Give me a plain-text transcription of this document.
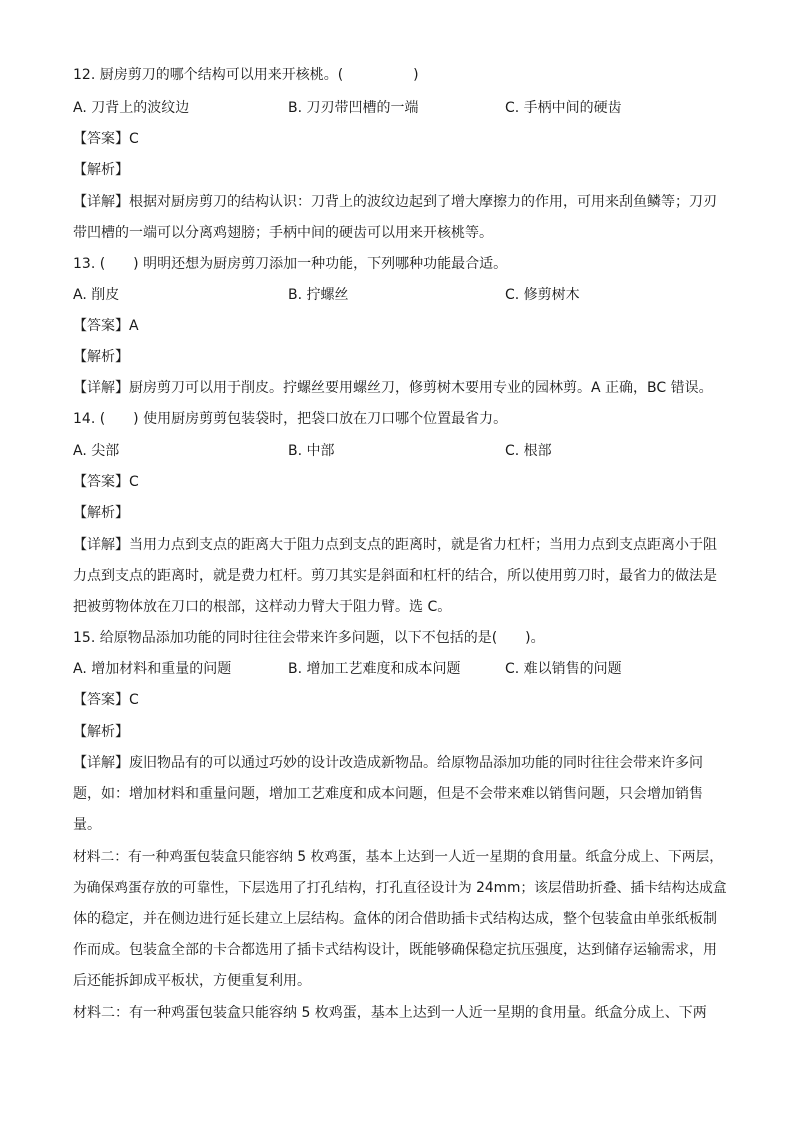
12. 厨房剪刀的哪个结构可以用来开核桃。(　　　　　)
A. 刀背上的波纹边	B. 刀刃带凹槽的一端	C. 手柄中间的硬齿
【答案】C
【解析】
【详解】根据对厨房剪刀的结构认识：刀背上的波纹边起到了增大摩擦力的作用，可用来刮鱼鳞等；刀刃
带凹槽的一端可以分离鸡翅膀；手柄中间的硬齿可以用来开核桃等。
13. (　　) 明明还想为厨房剪刀添加一种功能，下列哪种功能最合适。
A. 削皮	B. 拧螺丝	C. 修剪树木
【答案】A
【解析】
【详解】厨房剪刀可以用于削皮。拧螺丝要用螺丝刀，修剪树木要用专业的园林剪。A 正确，BC 错误。
14. (　　) 使用厨房剪剪包装袋时，把袋口放在刀口哪个位置最省力。
A. 尖部	B. 中部	C. 根部
【答案】C
【解析】
【详解】当用力点到支点的距离大于阻力点到支点的距离时，就是省力杠杆；当用力点到支点距离小于阻
力点到支点的距离时，就是费力杠杆。剪刀其实是斜面和杠杆的结合，所以使用剪刀时，最省力的做法是
把被剪物体放在刀口的根部，这样动力臂大于阻力臂。选 C。
15. 给原物品添加功能的同时往往会带来许多问题，以下不包括的是(　　)。
A. 增加材料和重量的问题	B. 增加工艺难度和成本问题	C. 难以销售的问题
【答案】C
【解析】
【详解】废旧物品有的可以通过巧妙的设计改造成新物品。给原物品添加功能的同时往往会带来许多问
题，如：增加材料和重量问题，增加工艺难度和成本问题，但是不会带来难以销售问题，只会增加销售
量。
材料二：有一种鸡蛋包装盒只能容纳 5 枚鸡蛋，基本上达到一人近一星期的食用量。纸盒分成上、下两层，
为确保鸡蛋存放的可靠性，下层选用了打孔结构，打孔直径设计为 24mm；该层借助折叠、插卡结构达成盒
体的稳定，并在侧边进行延长建立上层结构。盒体的闭合借助插卡式结构达成，整个包装盒由单张纸板制
作而成。包装盒全部的卡合都选用了插卡式结构设计，既能够确保稳定抗压强度，达到储存运输需求，用
后还能拆卸成平板状，方便重复利用。
材料二：有一种鸡蛋包装盒只能容纳 5 枚鸡蛋，基本上达到一人近一星期的食用量。纸盒分成上、下两
